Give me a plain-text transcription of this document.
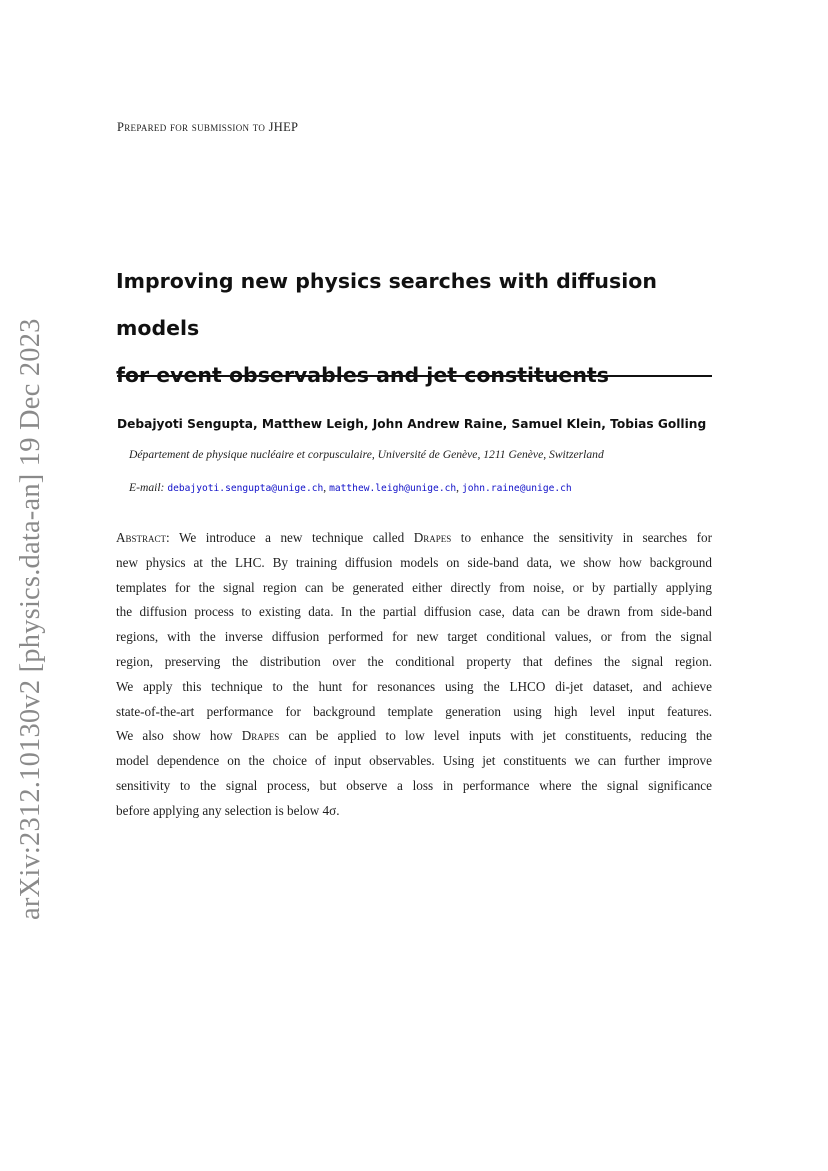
arXiv:2312.10130v2 [physics.data-an] 19 Dec 2023
Prepared for submission to JHEP
Improving new physics searches with diffusion models
for event observables and jet constituents
Debajyoti Sengupta, Matthew Leigh, John Andrew Raine, Samuel Klein, Tobias Golling
Département de physique nucléaire et corpusculaire, Université de Genève, 1211 Genève, Switzerland
E-mail: debajyoti.sengupta@unige.ch, matthew.leigh@unige.ch, john.raine@unige.ch
Abstract: We introduce a new technique called Drapes to enhance the sensitivity in searches for
new physics at the LHC. By training diffusion models on side-band data, we show how background
templates for the signal region can be generated either directly from noise, or by partially applying
the diffusion process to existing data. In the partial diffusion case, data can be drawn from side-band
regions, with the inverse diffusion performed for new target conditional values, or from the signal
region, preserving the distribution over the conditional property that defines the signal region.
We apply this technique to the hunt for resonances using the LHCO di-jet dataset, and achieve
state-of-the-art performance for background template generation using high level input features.
We also show how Drapes can be applied to low level inputs with jet constituents, reducing the
model dependence on the choice of input observables. Using jet constituents we can further improve
sensitivity to the signal process, but observe a loss in performance where the signal significance
before applying any selection is below 4σ.
